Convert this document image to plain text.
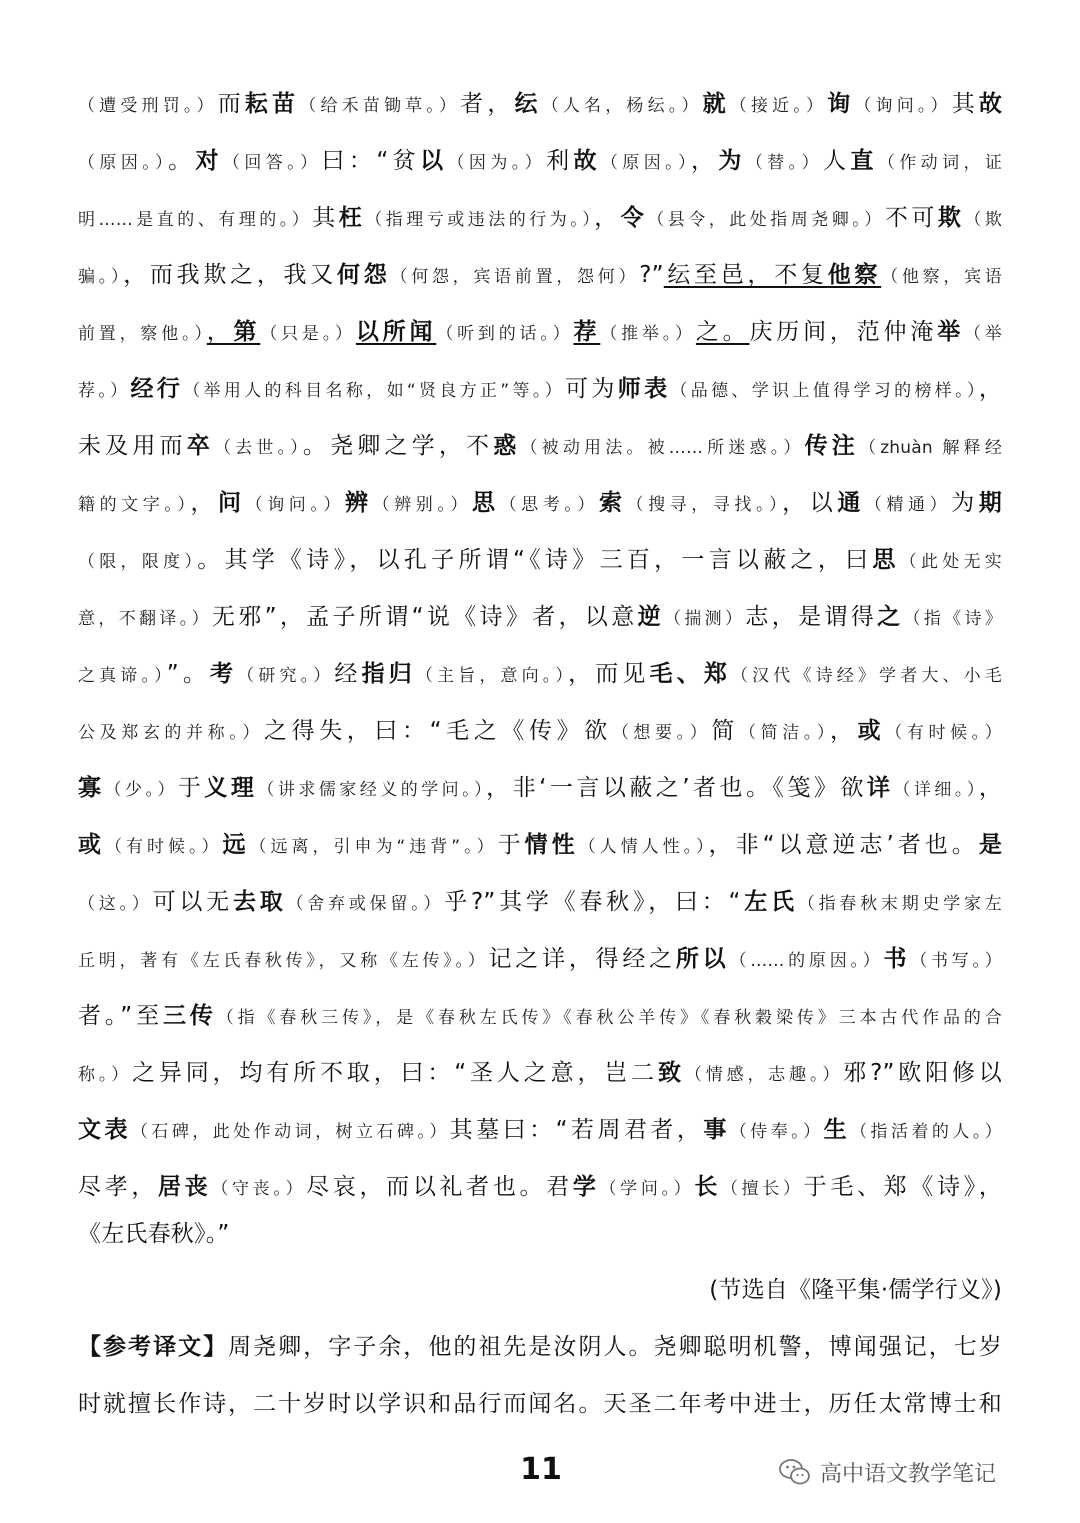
（遭受刑罚。）而耘苗（给禾苗锄草。）者，纭（人名，杨纭。）就（接近。）询（询问。）其故
（原因。）。对（回答。）曰：“贫以（因为。）利故（原因。），为（替。）人直（作动词，证
明……是直的、有理的。）其枉（指理亏或违法的行为。），令（县令，此处指周尧卿。）不可欺（欺
骗。），而我欺之，我又何怨（何怨，宾语前置，怨何）?”纭至邑，不复他察（他察，宾语
前置，察他。），第（只是。）以所闻（听到的话。）荐（推举。）之。庆历间，范仲淹举（举
荐。）经行（举用人的科目名称，如“贤良方正”等。）可为师表（品德、学识上值得学习的榜样。），
未及用而卒（去世。）。尧卿之学，不惑（被动用法。被……所迷惑。）传注（zhuàn 解释经
籍的文字。），问（询问。）辨（辨别。）思（思考。）索（搜寻，寻找。），以通（精通）为期
（限，限度）。其学《诗》，以孔子所谓“《诗》三百，一言以蔽之，曰思（此处无实
意，不翻译。）无邪”，孟子所谓“说《诗》者，以意逆（揣测）志，是谓得之（指《诗》
之真谛。）”。考（研究。）经指归（主旨，意向。），而见毛、郑（汉代《诗经》学者大、小毛
公及郑玄的并称。）之得失，曰：“毛之《传》欲（想要。）简（简洁。），或（有时候。）
寡（少。）于义理（讲求儒家经义的学问。），非‘一言以蔽之’者也。《笺》欲详（详细。），
或（有时候。）远（远离，引申为“违背”。）于情性（人情人性。），非“以意逆志’者也。是
（这。）可以无去取（舍弃或保留。）乎?”其学《春秋》，曰：“左氏（指春秋末期史学家左
丘明，著有《左氏春秋传》，又称《左传》。）记之详，得经之所以（……的原因。）书（书写。）
者。”至三传（指《春秋三传》，是《春秋左氏传》《春秋公羊传》《春秋穀梁传》三本古代作品的合
称。）之异同，均有所不取，曰：“圣人之意，岂二致（情感，志趣。）邪?”欧阳修以
文表（石碑，此处作动词，树立石碑。）其墓曰：“若周君者，事（侍奉。）生（指活着的人。）
尽孝，居丧（守丧。）尽哀，而以礼者也。君学（学问。）长（擅长）于毛、郑《诗》，
《左氏春秋》。”
(节选自《隆平集·儒学行义》)
【参考译文】周尧卿，字子余，他的祖先是汝阴人。尧卿聪明机警，博闻强记，七岁
时就擅长作诗，二十岁时以学识和品行而闻名。天圣二年考中进士，历任太常博士和
11	高中语文教学笔记
